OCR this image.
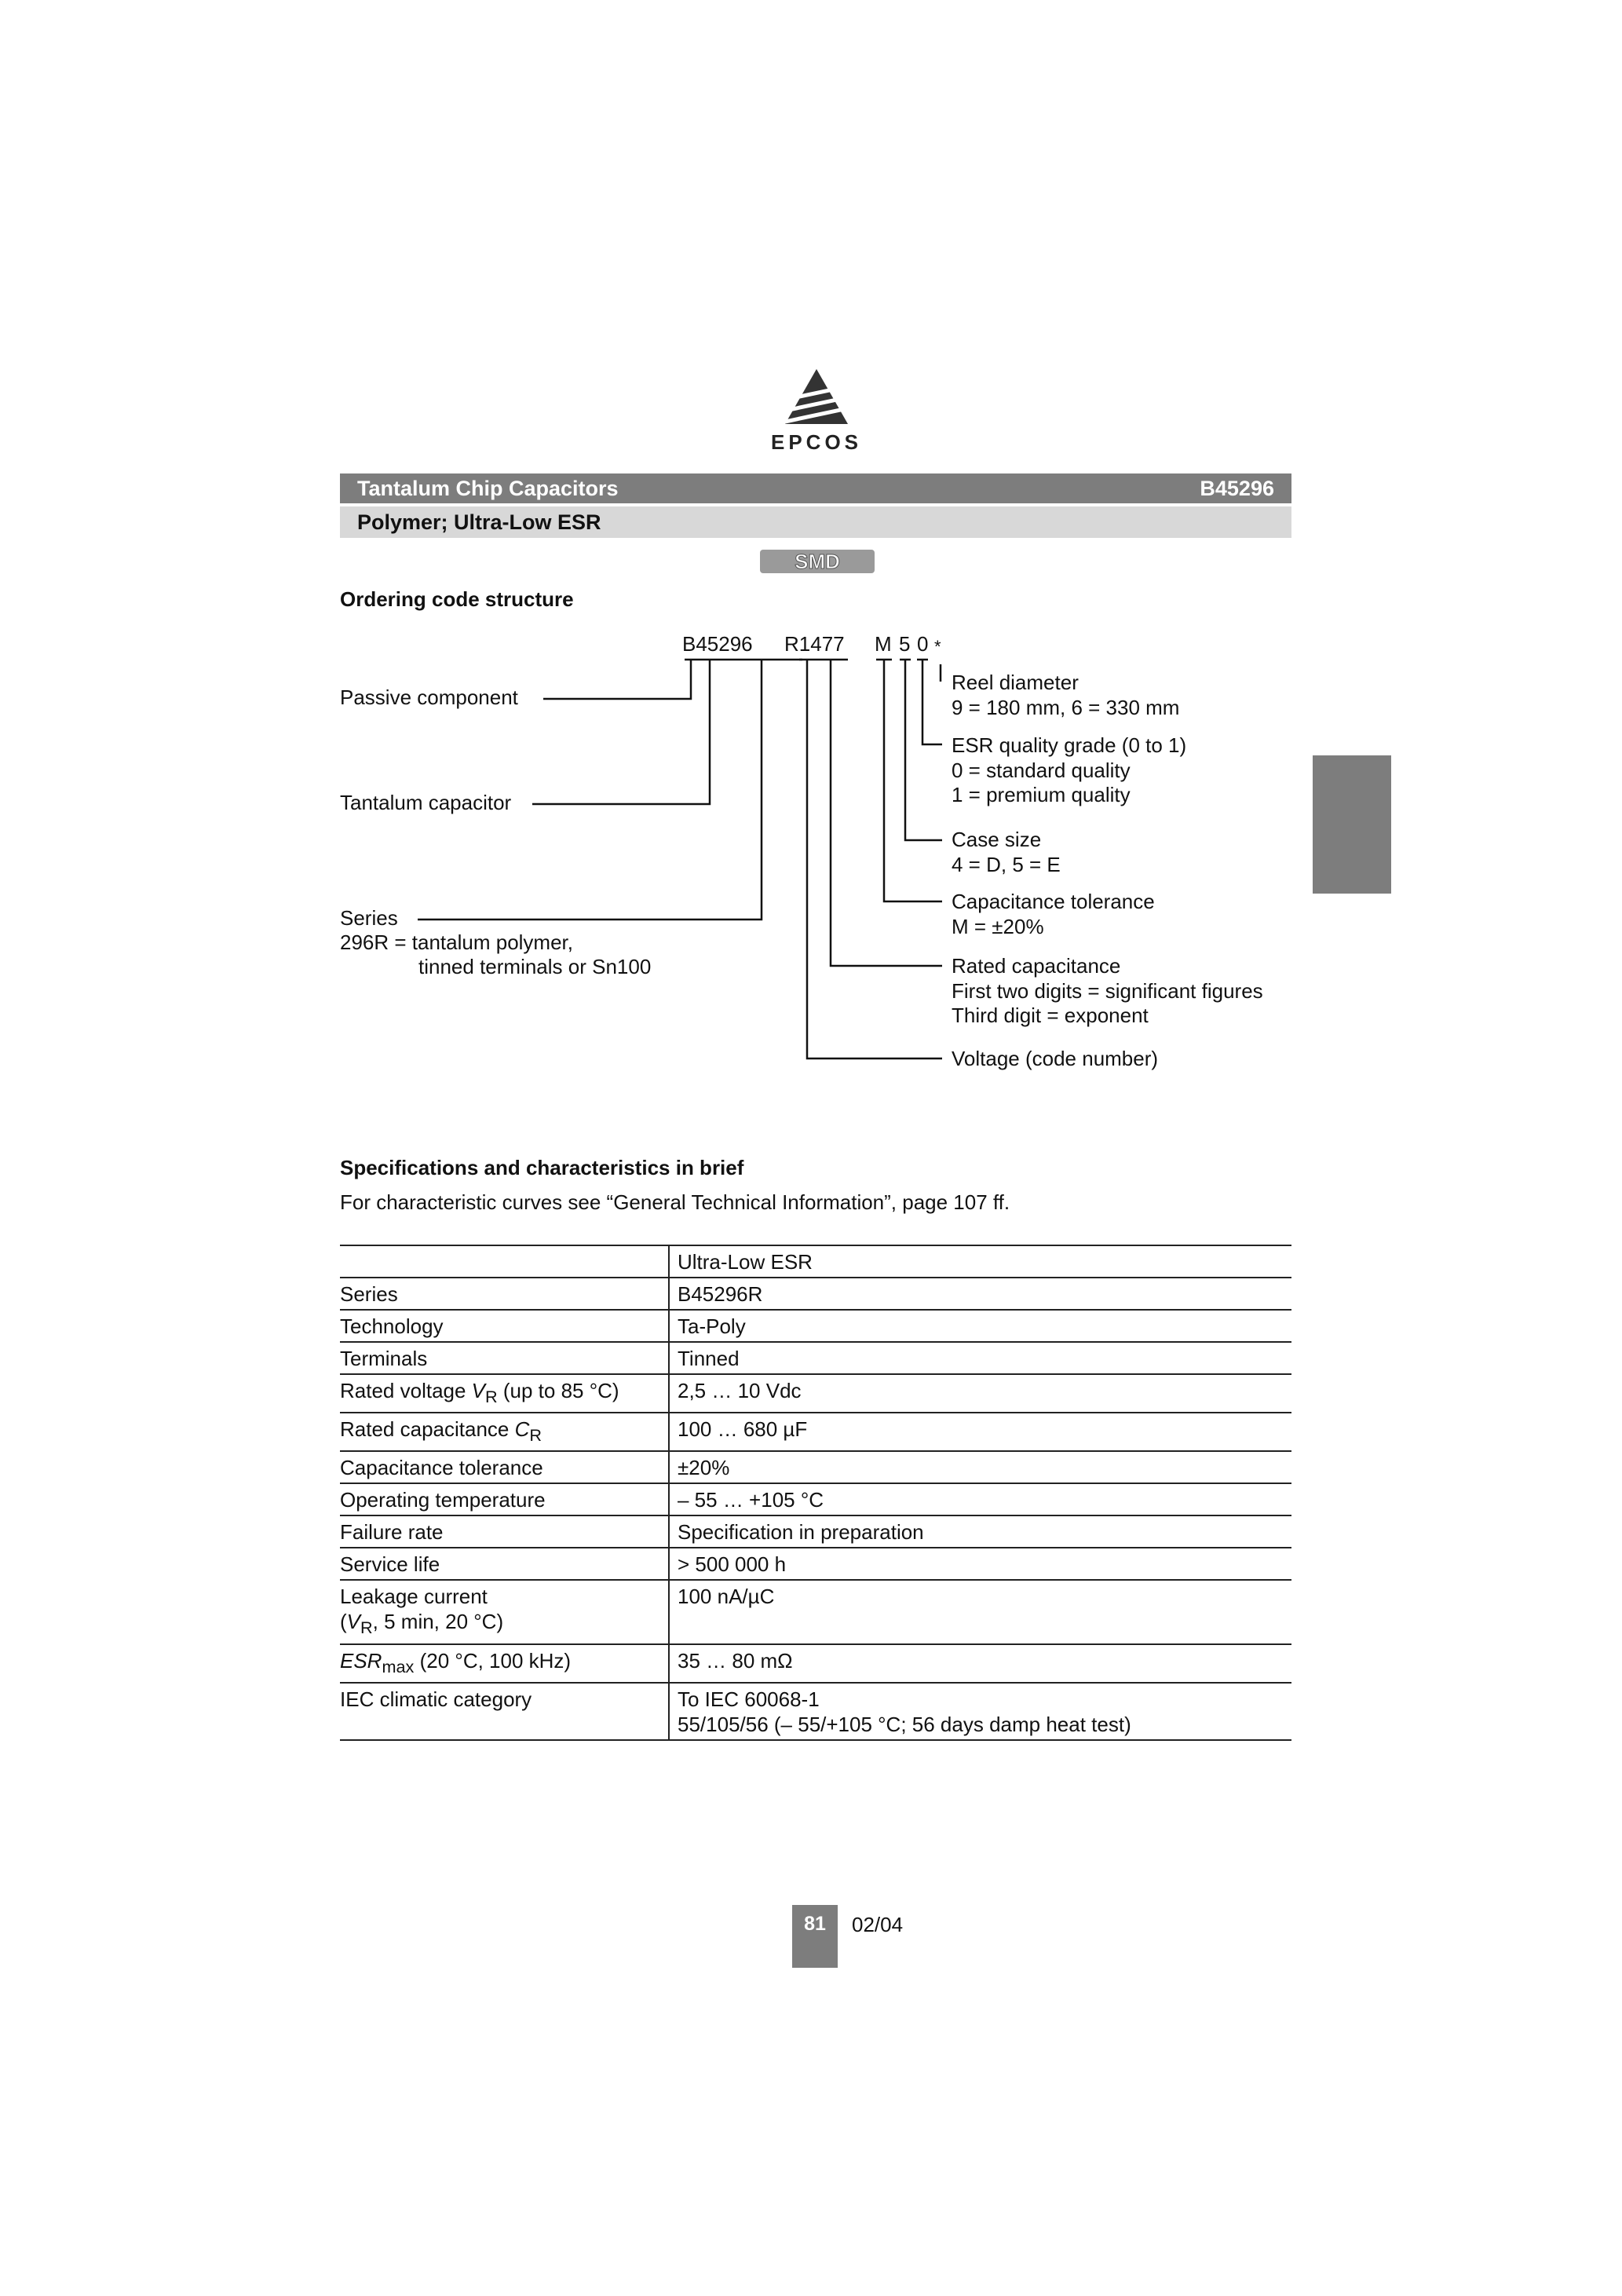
EPCOS
Tantalum Chip Capacitors	B45296
Polymer; Ultra-Low ESR
SMD
Ordering code structure
B45296 R1477 M 5 0 *
Passive component
Tantalum capacitor
Series
296R = tantalum polymer,
tinned terminals or Sn100
Reel diameter
9 = 180 mm, 6 = 330 mm
ESR quality grade (0 to 1)
0 = standard quality
1 = premium quality
Case size
4 = D, 5 = E
Capacitance tolerance
M = ±20%
Rated capacitance
First two digits = significant figures
Third digit = exponent
Voltage (code number)
Specifications and characteristics in brief
For characteristic curves see “General Technical Information”, page 107 ff.
	Ultra-Low ESR
Series	B45296R
Technology	Ta-Poly
Terminals	Tinned
Rated voltage $V_R$ (up to 85 °C)	2,5 … 10 Vdc
Rated capacitance $C_R$	100 … 680 µF
Capacitance tolerance	±20%
Operating temperature	– 55 … +105 °C
Failure rate	Specification in preparation
Service life	> 500 000 h
Leakage current
($V_R$, 5 min, 20 °C)	100 nA/µC
$ESR_{max}$ (20 °C, 100 kHz)	35 … 80 mΩ
IEC climatic category	To IEC 60068-1
55/105/56 (– 55/+105 °C; 56 days damp heat test)
81	02/04
